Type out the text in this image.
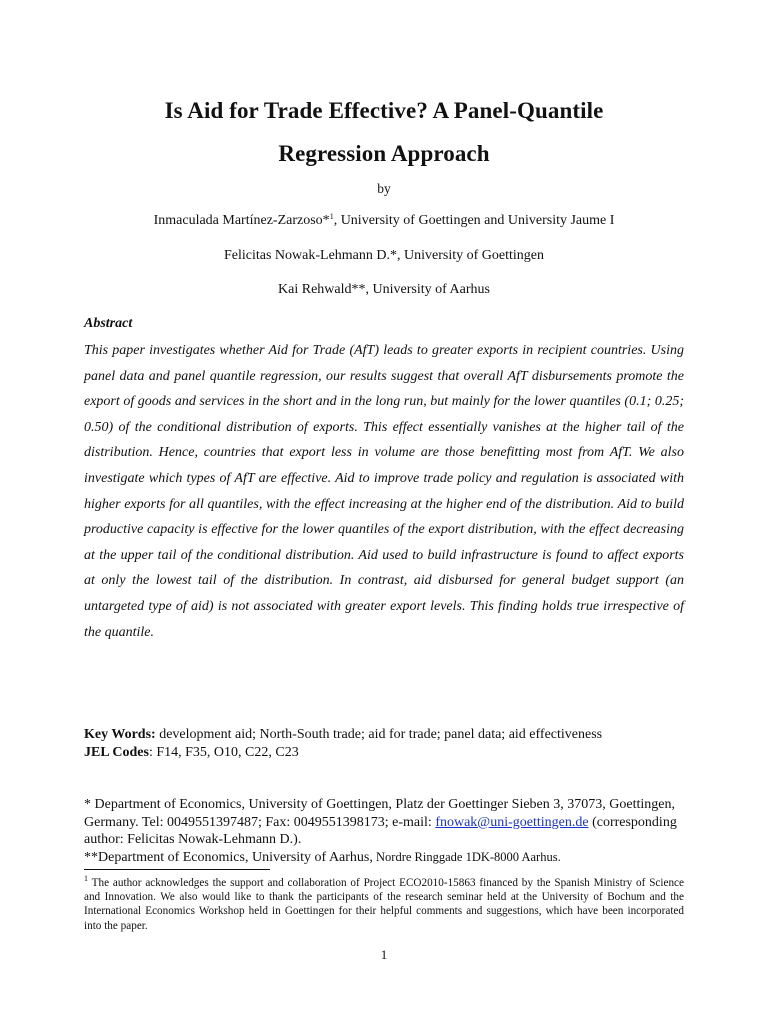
Is Aid for Trade Effective? A Panel-Quantile
Regression Approach
by
Inmaculada Martínez-Zarzoso*$^1$, University of Goettingen and University Jaume I
Felicitas Nowak-Lehmann D.*, University of Goettingen
Kai Rehwald**, University of Aarhus
Abstract

This paper investigates whether Aid for Trade (AfT) leads to greater exports in recipient countries. Using panel data and panel quantile regression, our results suggest that overall AfT disbursements promote the export of goods and services in the short and in the long run, but mainly for the lower quantiles (0.1; 0.25; 0.50) of the conditional distribution of exports. This effect essentially vanishes at the higher tail of the distribution. Hence, countries that export less in volume are those benefitting most from AfT. We also investigate which types of AfT are effective. Aid to improve trade policy and regulation is associated with higher exports for all quantiles, with the effect increasing at the higher end of the distribution. Aid to build productive capacity is effective for the lower quantiles of the export distribution, with the effect decreasing at the upper tail of the conditional distribution. Aid used to build infrastructure is found to affect exports at only the lowest tail of the distribution. In contrast, aid disbursed for general budget support (an untargeted type of aid) is not associated with greater export levels. This finding holds true irrespective of the quantile.

Key Words: development aid; North-South trade; aid for trade; panel data; aid effectiveness
JEL Codes: F14, F35, O10, C22, C23
* Department of Economics, University of Goettingen, Platz der Goettinger Sieben 3, 37073, Goettingen, Germany. Tel: 0049551397487; Fax: 0049551398173; e-mail: fnowak@uni-goettingen.de (corresponding author: Felicitas Nowak-Lehmann D.).
**Department of Economics, University of Aarhus, Nordre Ringgade 1DK-8000 Aarhus.

$^1$ The author acknowledges the support and collaboration of Project ECO2010-15863 financed by the Spanish Ministry of Science and Innovation. We also would like to thank the participants of the research seminar held at the University of Bochum and the International Economics Workshop held in Goettingen for their helpful comments and suggestions, which have been incorporated into the paper.

1
